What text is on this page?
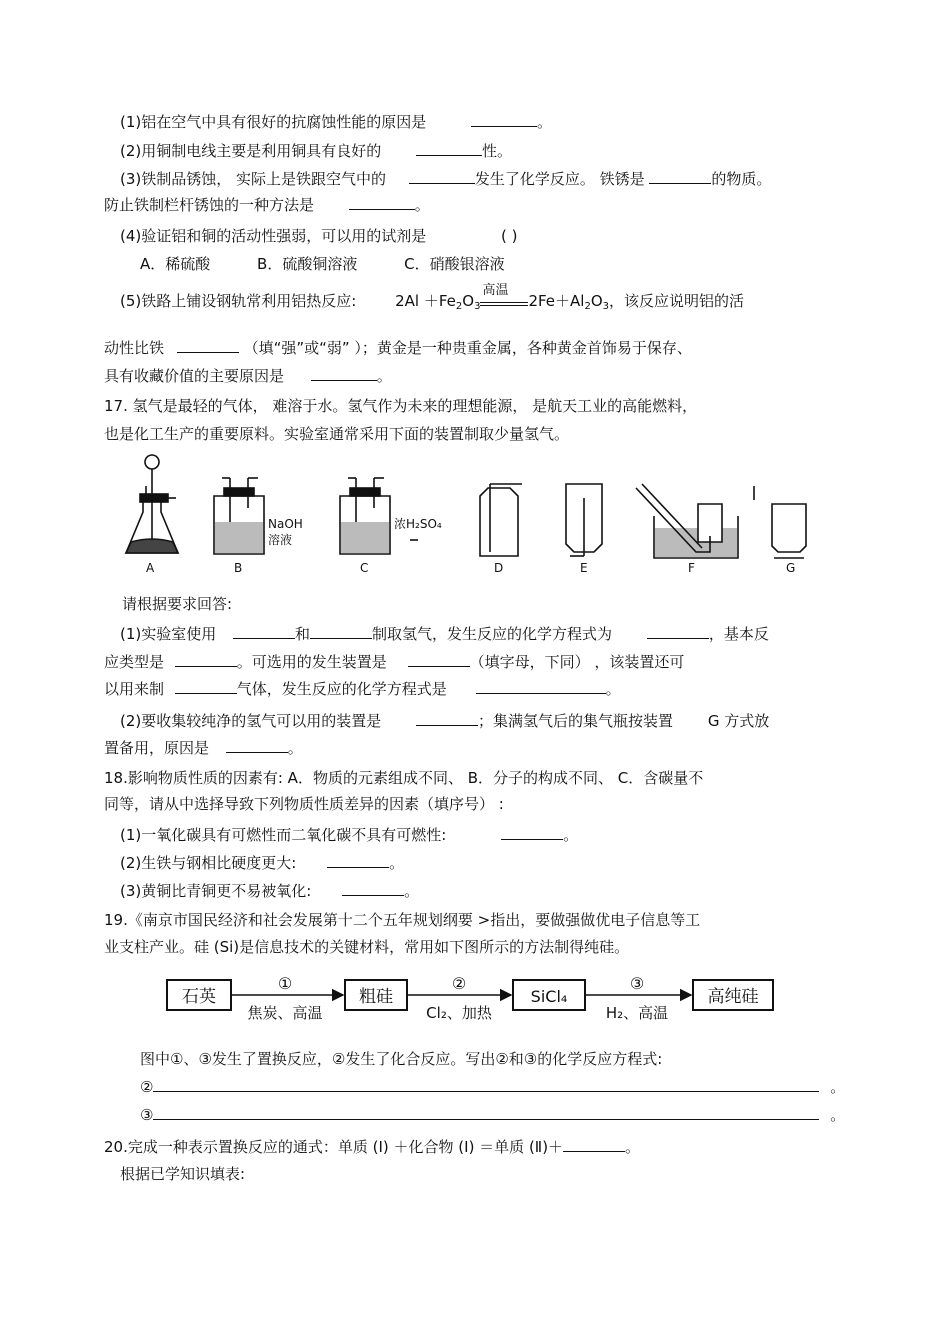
(1)铝在空气中具有很好的抗腐蚀性能的原因是	。
(2)用铜制电线主要是利用铜具有良好的	性。
(3)铁制品锈蚀， 实际上是铁跟空气中的	发生了化学反应。 铁锈是	的物质。
防止铁制栏杆锈蚀的一种方法是	。
(4)验证铝和铜的活动性强弱，可以用的试剂是	( )
A．稀硫酸	B．硫酸铜溶液	C．硝酸银溶液
(5)铁路上铺设钢轨常利用铝热反应:	$2Al +Fe_2O_3$
高温
$2Fe+Al_2O_3$，该反应说明铝的活
动性比铁	（填“强”或“弱” ）；黄金是一种贵重金属，各种黄金首饰易于保存、
具有收藏价值的主要原因是	。
17. 氢气是最轻的气体， 难溶于水。氢气作为未来的理想能源， 是航天工业的高能燃料，
也是化工生产的重要原料。实验室通常采用下面的装置制取少量氢气。
A	B	C	D	E	F	G
NaOH
溶液
浓H₂SO₄
请根据要求回答:
(1)实验室使用	和	制取氢气，发生反应的化学方程式为	，基本反
应类型是	。可选用的发生装置是	（填字母，下同） ，该装置还可
以用来制	气体，发生反应的化学方程式是	。
(2)要收集较纯净的氢气可以用的装置是	；集满氢气后的集气瓶按装置 G 方式放
置备用，原因是	。
18.影响物质性质的因素有: A．物质的元素组成不同、 B．分子的构成不同、 C．含碳量不
同等，请从中选择导致下列物质性质差异的因素（填序号） :
(1)一氧化碳具有可燃性而二氧化碳不具有可燃性:	。
(2)生铁与钢相比硬度更大:	。
(3)黄铜比青铜更不易被氧化:	。
19.《南京市国民经济和社会发展第十二个五年规划纲要 >指出，要做强做优电子信息等工
业支柱产业。硅 (Si)是信息技术的关键材料，常用如下图所示的方法制得纯硅。
石英	粗硅	SiCl₄	高纯硅
①	②	③
焦炭、高温	Cl₂、加热	H₂、高温
图中①、③发生了置换反应，②发生了化合反应。写出②和③的化学反应方程式:
②	。
③	。
20.完成一种表示置换反应的通式：单质 (I) ＋化合物 (I) ＝单质 (Ⅱ)＋	。
根据已学知识填表:
